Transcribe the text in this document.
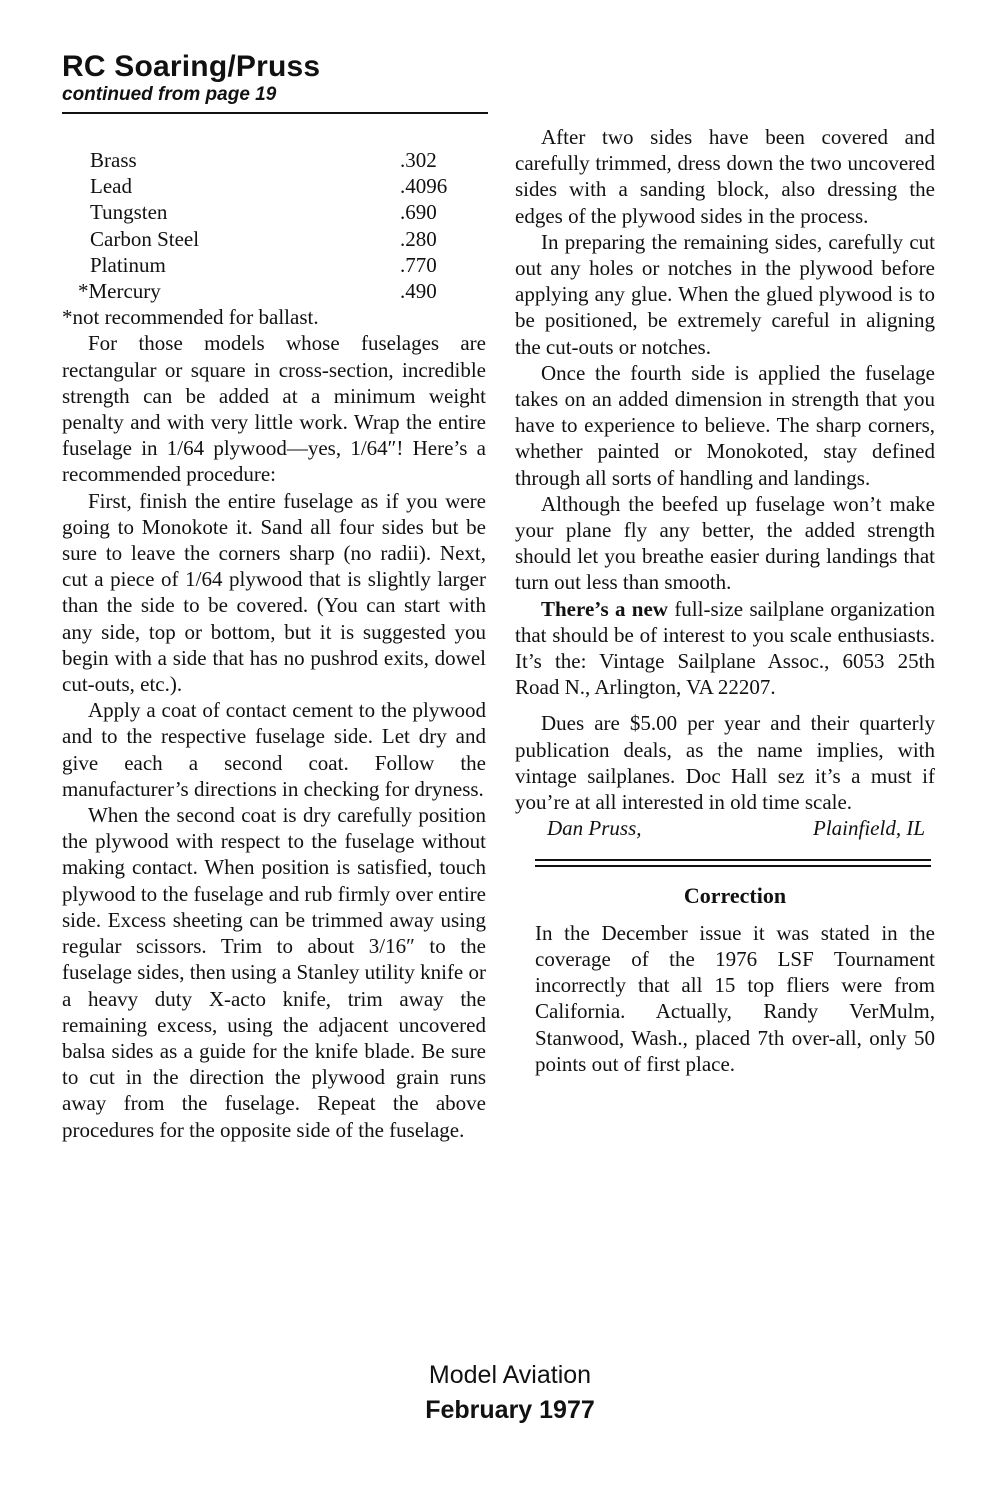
RC Soaring/Pruss
continued from page 19
Brass	.302
Lead	.4096
Tungsten	.690
Carbon Steel	.280
Platinum	.770
*Mercury	.490

*not recommended for ballast.

For those models whose fuselages are rectangular or square in cross-section, incredible strength can be added at a minimum weight penalty and with very little work. Wrap the entire fuselage in 1/64 plywood—yes, 1/64″! Here’s a recommended procedure:

First, finish the entire fuselage as if you were going to Monokote it. Sand all four sides but be sure to leave the corners sharp (no radii). Next, cut a piece of 1/64 plywood that is slightly larger than the side to be covered. (You can start with any side, top or bottom, but it is suggested you begin with a side that has no pushrod exits, dowel cut-outs, etc.).

Apply a coat of contact cement to the plywood and to the respective fuselage side. Let dry and give each a second coat. Follow the manufacturer’s directions in checking for dryness.

When the second coat is dry carefully position the plywood with respect to the fuselage without making contact. When position is satisfied, touch plywood to the fuselage and rub firmly over entire side. Excess sheeting can be trimmed away using regular scissors. Trim to about 3/16″ to the fuselage sides, then using a Stanley utility knife or a heavy duty X-acto knife, trim away the remaining excess, using the adjacent uncovered balsa sides as a guide for the knife blade. Be sure to cut in the direction the plywood grain runs away from the fuselage. Repeat the above procedures for the opposite side of the fuselage.

After two sides have been covered and carefully trimmed, dress down the two uncovered sides with a sanding block, also dressing the edges of the plywood sides in the process.

In preparing the remaining sides, carefully cut out any holes or notches in the plywood before applying any glue. When the glued plywood is to be positioned, be extremely careful in aligning the cut-outs or notches.

Once the fourth side is applied the fuselage takes on an added dimension in strength that you have to experience to believe. The sharp corners, whether painted or Monokoted, stay defined through all sorts of handling and landings.

Although the beefed up fuselage won’t make your plane fly any better, the added strength should let you breathe easier during landings that turn out less than smooth.

There’s a new full-size sailplane organization that should be of interest to you scale enthusiasts. It’s the: Vintage Sailplane Assoc., 6053 25th Road N., Arlington, VA 22207.

Dues are $5.00 per year and their quarterly publication deals, as the name implies, with vintage sailplanes. Doc Hall sez it’s a must if you’re at all interested in old time scale.

Dan Pruss,	Plainfield, IL
Correction

In the December issue it was stated in the coverage of the 1976 LSF Tournament incorrectly that all 15 top fliers were from California. Actually, Randy VerMulm, Stanwood, Wash., placed 7th over-all, only 50 points out of first place.

Model Aviation
February 1977
